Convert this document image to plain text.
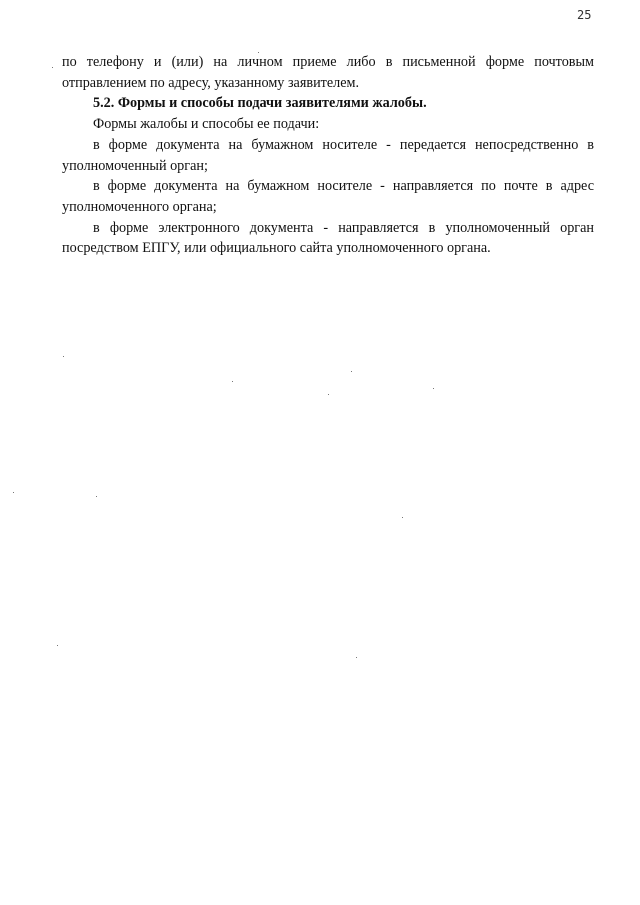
25

по телефону и (или) на личном приеме либо в письменной форме почтовым отправлением по адресу, указанному заявителем.

5.2. Формы и способы подачи заявителями жалобы.

Формы жалобы и способы ее подачи:

в форме документа на бумажном носителе - передается непосредственно в уполномоченный орган;

в форме документа на бумажном носителе - направляется по почте в адрес уполномоченного органа;

в форме электронного документа - направляется в уполномоченный орган посредством ЕПГУ, или официального сайта уполномоченного органа.
